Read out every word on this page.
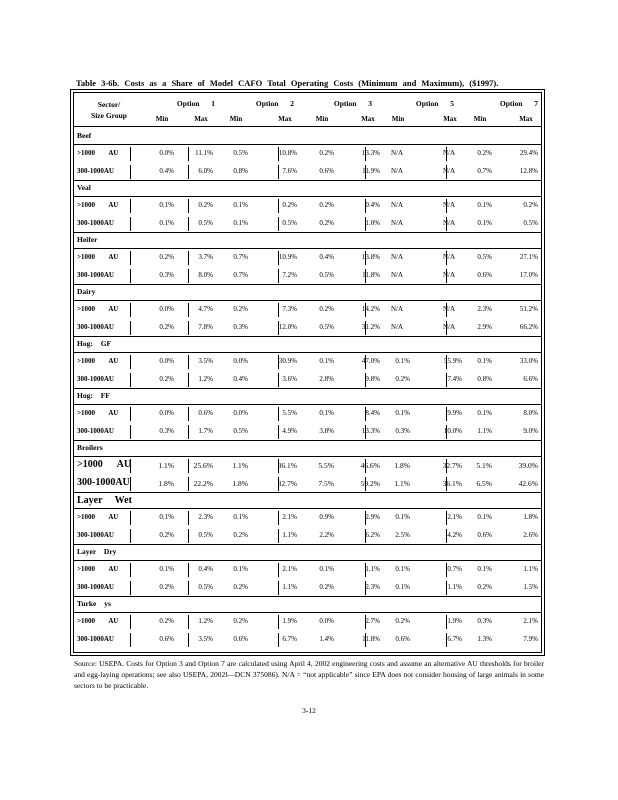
Table 3-6b. Costs as a Share of Model CAFO Total Operating Costs (Minimum and Maximum), ($1997).
Sector/
Size Group
Option 1	Option 2	Option 3	Option 5	Option 7
Min	Max	Min	Max	Min	Max	Min	Max	Min	Max
Beef
>1000 AU	0.0%	11.1%	0.5%	10.8%	0.2%	13.3%	N/A	N/A	0.2%	29.4%
300-1000AU	0.4%	6.0%	0.8%	7.6%	0.6%	11.9%	N/A	N/A	0.7%	12.8%
Veal
>1000 AU	0.1%	0.2%	0.1%	0.2%	0.2%	0.4%	N/A	N/A	0.1%	0.2%
300-1000AU	0.1%	0.5%	0.1%	0.5%	0.2%	1.0%	N/A	N/A	0.1%	0.5%
Heifer
>1000 AU	0.2%	3.7%	0.7%	10.9%	0.4%	13.8%	N/A	N/A	0.5%	27.1%
300-1000AU	0.3%	8.0%	0.7%	7.2%	0.5%	11.8%	N/A	N/A	0.6%	17.0%
Dairy
>1000 AU	0.0%	4.7%	0.2%	7.3%	0.2%	14.2%	N/A	N/A	2.3%	51.2%
300-1000AU	0.2%	7.8%	0.3%	12.0%	0.5%	31.2%	N/A	N/A	2.9%	66.2%
Hog: GF
>1000 AU	0.0%	3.5%	0.0%	30.9%	0.1%	47.0%	0.1%	55.9%	0.1%	33.0%
300-1000AU	0.2%	1.2%	0.4%	3.6%	2.8%	9.8%	0.2%	7.4%	0.8%	6.6%
Hog: FF
>1000 AU	0.0%	0.6%	0.0%	5.5%	0.1%	8.4%	0.1%	9.9%	0.1%	8.0%
300-1000AU	0.3%	1.7%	0.5%	4.9%	3.8%	13.3%	0.3%	10.0%	1.1%	9.0%
Broilers
>1000 AU	1.1%	25.6%	1.1%	36.1%	5.5%	46.6%	1.8%	32.7%	5.1%	39.0%
300-1000AU	1.8%	22.2%	1.8%	32.7%	7.5%	59.2%	1.1%	36.1%	6.5%	42.6%
Layer Wet
>1000 AU	0.1%	2.3%	0.1%	2.1%	0.9%	2.9%	0.1%	2.1%	0.1%	1.8%
300-1000AU	0.2%	0.5%	0.2%	1.1%	2.2%	6.2%	2.5%	4.2%	0.6%	2.6%
Layer Dry
>1000 AU	0.1%	0.4%	0.1%	2.1%	0.1%	1.1%	0.1%	0.7%	0.1%	1.1%
300-1000AU	0.2%	0.5%	0.2%	1.1%	0.2%	2.3%	0.1%	1.1%	0.2%	1.5%
Turke ys
>1000 AU	0.2%	1.2%	0.2%	1.9%	0.0%	2.7%	0.2%	1.9%	0.3%	2.1%
300-1000AU	0.6%	3.5%	0.6%	6.7%	1.4%	11.8%	0.6%	6.7%	1.3%	7.9%
Source: USEPA. Costs for Option 3 and Option 7 are calculated using April 4, 2002 engineering costs and assume an alternative AU thresholds for broiler and egg-laying operations; see also USEPA, 2002l—DCN 375086). N/A = “not applicable” since EPA does not consider housing of large animals in some sectors to be practicable.
3-12
